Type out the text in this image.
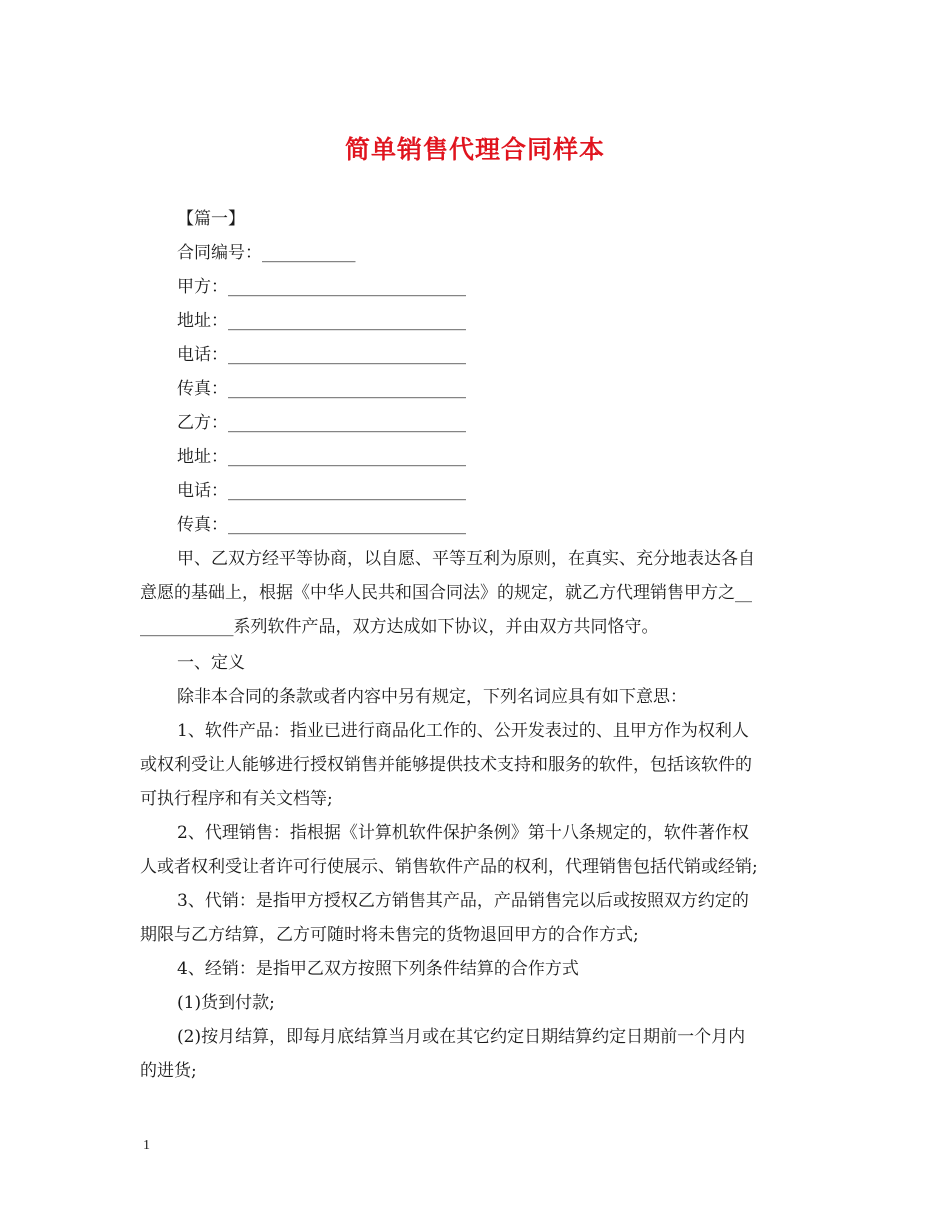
简单销售代理合同样本
【篇一】
合同编号：___________
甲方：____________________________
地址：____________________________
电话：____________________________
传真：____________________________
乙方：____________________________
地址：____________________________
电话：____________________________
传真：____________________________
甲、乙双方经平等协商，以自愿、平等互利为原则，在真实、充分地表达各自
意愿的基础上，根据《中华人民共和国合同法》的规定，就乙方代理销售甲方之__
___________系列软件产品，双方达成如下协议，并由双方共同恪守。
一、定义
除非本合同的条款或者内容中另有规定，下列名词应具有如下意思：
1、软件产品：指业已进行商品化工作的、公开发表过的、且甲方作为权利人
或权利受让人能够进行授权销售并能够提供技术支持和服务的软件，包括该软件的
可执行程序和有关文档等;
2、代理销售：指根据《计算机软件保护条例》第十八条规定的，软件著作权
人或者权利受让者许可行使展示、销售软件产品的权利，代理销售包括代销或经销;
3、代销：是指甲方授权乙方销售其产品，产品销售完以后或按照双方约定的
期限与乙方结算，乙方可随时将未售完的货物退回甲方的合作方式;
4、经销：是指甲乙双方按照下列条件结算的合作方式
(1)货到付款;
(2)按月结算，即每月底结算当月或在其它约定日期结算约定日期前一个月内
的进货;
1
